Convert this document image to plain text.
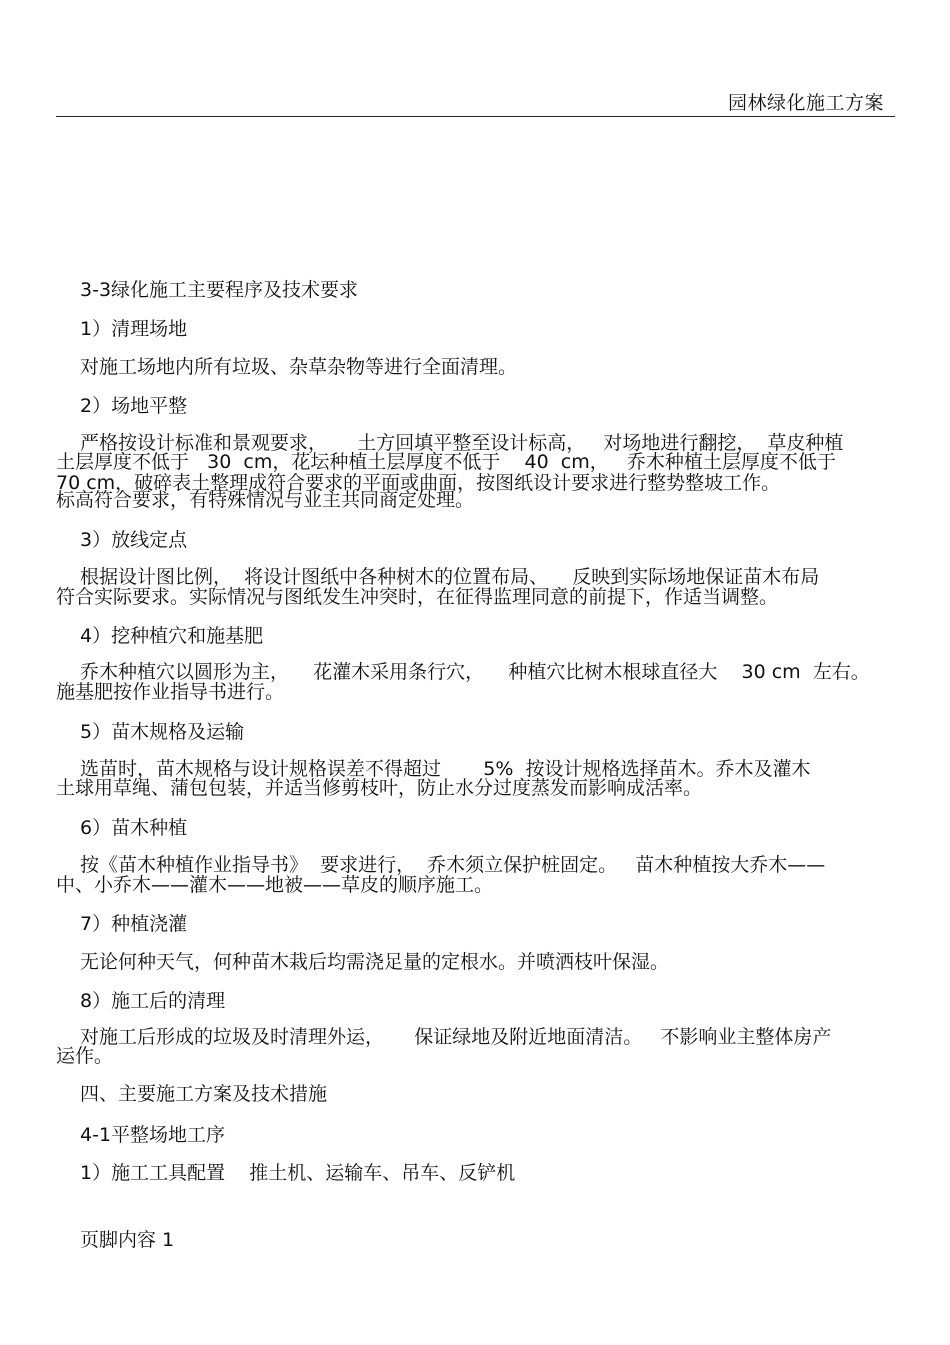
园林绿化施工方案
3-3绿化施工主要程序及技术要求
1）清理场地
对施工场地内所有垃圾、杂草杂物等进行全面清理。
2）场地平整
严格按设计标准和景观要求，     土方回填平整至设计标高，   对场地进行翻挖，  草皮种植
土层厚度不低于   30  cm，花坛种植土层厚度不低于    40  cm，   乔木种植土层厚度不低于
70 cm，破碎表土整理成符合要求的平面或曲面，按图纸设计要求进行整势整坡工作。
标高符合要求，有特殊情况与业主共同商定处理。
3）放线定点
根据设计图比例，  将设计图纸中各种树木的位置布局、    反映到实际场地保证苗木布局
符合实际要求。实际情况与图纸发生冲突时，在征得监理同意的前提下，作适当调整。
4）挖种植穴和施基肥
乔木种植穴以圆形为主，    花灌木采用条行穴，    种植穴比树木根球直径大    30 cm  左右。
施基肥按作业指导书进行。
5）苗木规格及运输
选苗时，苗木规格与设计规格误差不得超过       5%  按设计规格选择苗木。乔木及灌木
土球用草绳、蒲包包装，并适当修剪枝叶，防止水分过度蒸发而影响成活率。
6）苗木种植
按《苗木种植作业指导书》  要求进行，  乔木须立保护桩固定。   苗木种植按大乔木——
中、小乔木——灌木——地被——草皮的顺序施工。
7）种植浇灌
无论何种天气，何种苗木栽后均需浇足量的定根水。并喷洒枝叶保湿。
8）施工后的清理
对施工后形成的垃圾及时清理外运，     保证绿地及附近地面清洁。   不影响业主整体房产
运作。
四、主要施工方案及技术措施
4-1平整场地工序
1）施工工具配置    推土机、运输车、吊车、反铲机
页脚内容 1
